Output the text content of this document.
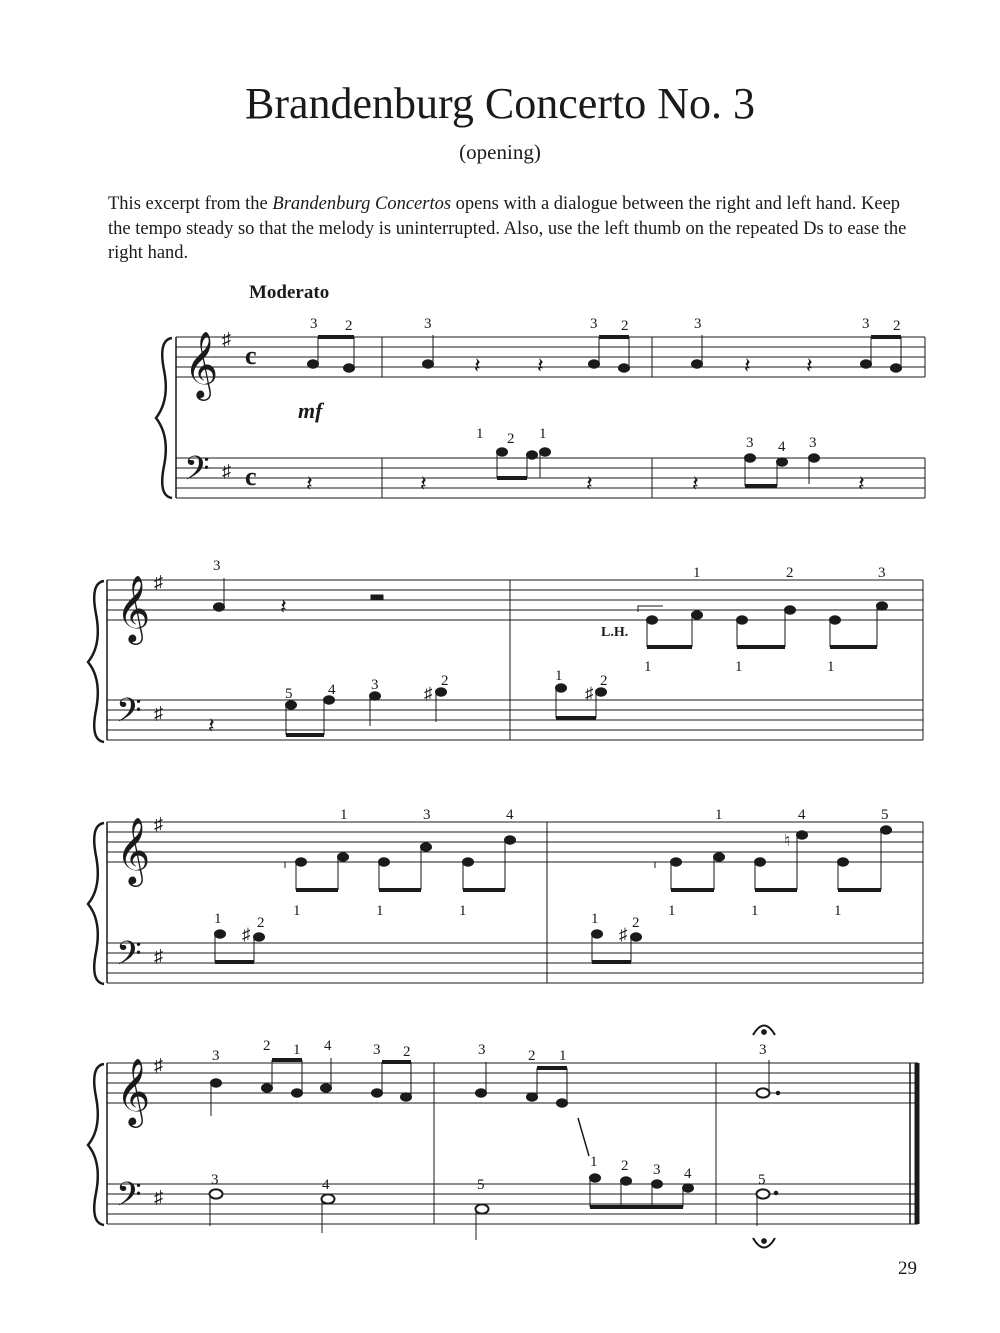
Brandenburg Concerto No. 3
(opening)

This excerpt from the Brandenburg Concertos opens with a dialogue between the right and left hand. Keep the tempo steady so that the melody is uninterrupted. Also, use the left thumb on the repeated Ds to ease the right hand.

Moderato
𝄞
𝄢
♯
♯
c
c
mf
𝄽	𝄽	𝄽	𝄽
𝄽	𝄽	𝄽	𝄽	𝄽
3 2	3	3 2	3	3 2
1 2 1
3 4 3
𝄞
𝄢
♯
♯
𝄽
L.H.
𝄽
♯	♯
3	1	2	3
1	1	1
5 4 3	2	1	2
𝄞
𝄢
♯
♯
♮
♯	♯
1	3	4
1	1	1
1	4	5
1	1	1
1 2	1 2
𝄞
𝄢
♯
♯
3
2 1 4	3 2	3	2 1	3
3	4	5
1 2 3 4	5
29
